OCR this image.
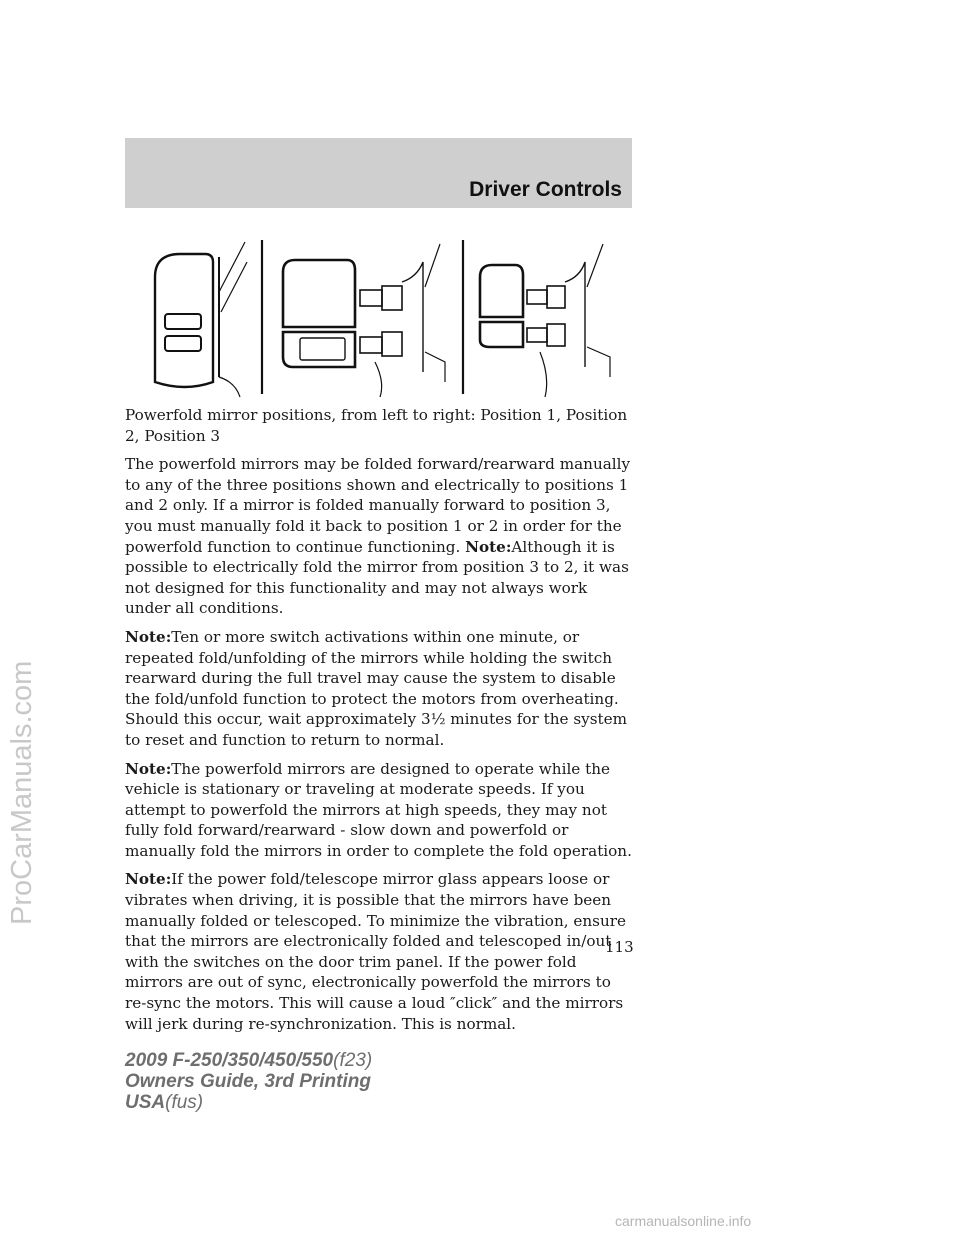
Driver Controls

Powerfold mirror positions, from left to right: Position 1, Position 2, Position 3

The powerfold mirrors may be folded forward/rearward manually to any of the three positions shown and electrically to positions 1 and 2 only. If a mirror is folded manually forward to position 3, you must manually fold it back to position 1 or 2 in order for the powerfold function to continue functioning. Note:Although it is possible to electrically fold the mirror from position 3 to 2, it was not designed for this functionality and may not always work under all conditions.

Note:Ten or more switch activations within one minute, or repeated fold/unfolding of the mirrors while holding the switch rearward during the full travel may cause the system to disable the fold/unfold function to protect the motors from overheating. Should this occur, wait approximately 3½ minutes for the system to reset and function to return to normal.

Note:The powerfold mirrors are designed to operate while the vehicle is stationary or traveling at moderate speeds. If you attempt to powerfold the mirrors at high speeds, they may not fully fold forward/rearward - slow down and powerfold or manually fold the mirrors in order to complete the fold operation.

Note:If the power fold/telescope mirror glass appears loose or vibrates when driving, it is possible that the mirrors have been manually folded or telescoped. To minimize the vibration, ensure that the mirrors are electronically folded and telescoped in/out with the switches on the door trim panel. If the power fold mirrors are out of sync, electronically powerfold the mirrors to re-sync the motors. This will cause a loud ″click″ and the mirrors will jerk during re-synchronization. This is normal.

113
2009 F-250/350/450/550(f23)
Owners Guide, 3rd Printing
USA(fus)
ProCarManuals.com
carmanualsonline.info
